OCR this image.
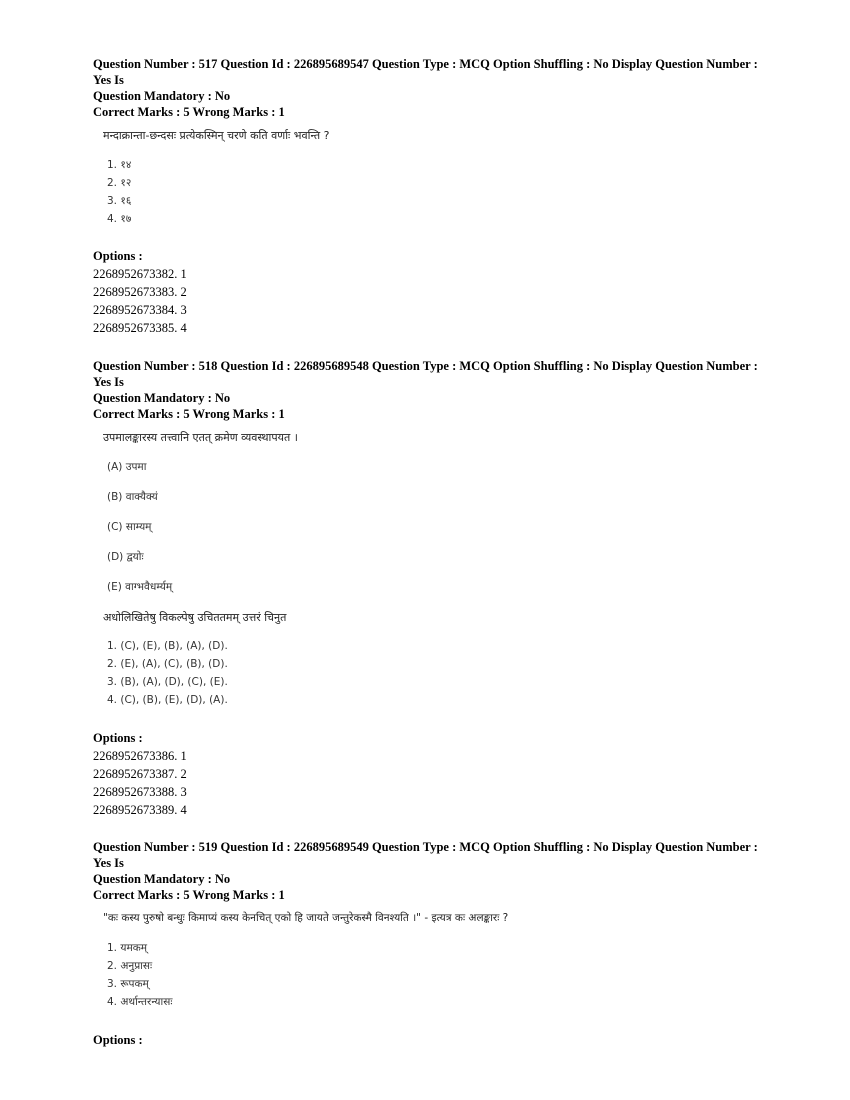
Question Number : 517 Question Id : 226895689547 Question Type : MCQ Option Shuffling : No Display Question Number : Yes Is
Question Mandatory : No
Correct Marks : 5 Wrong Marks : 1
मन्दाक्रान्ता-छन्दसः प्रत्येकस्मिन् चरणे कति वर्णाः भवन्ति ?
1. १४
2. १२
3. १६
4. १७
Options :
2268952673382. 1
2268952673383. 2
2268952673384. 3
2268952673385. 4
Question Number : 518 Question Id : 226895689548 Question Type : MCQ Option Shuffling : No Display Question Number : Yes Is
Question Mandatory : No
Correct Marks : 5 Wrong Marks : 1
उपमालङ्कारस्य तत्त्वानि एतत् क्रमेण व्यवस्थापयत ।
(A) उपमा
(B) वाक्यैक्यं
(C) साम्यम्
(D) द्वयोः
(E) वाग्भवैधर्म्यम्
अधोलिखितेषु विकल्पेषु उचिततमम् उत्तरं चिनुत
1. (C), (E), (B), (A), (D).
2. (E), (A), (C), (B), (D).
3. (B), (A), (D), (C), (E).
4. (C), (B), (E), (D), (A).
Options :
2268952673386. 1
2268952673387. 2
2268952673388. 3
2268952673389. 4
Question Number : 519 Question Id : 226895689549 Question Type : MCQ Option Shuffling : No Display Question Number : Yes Is
Question Mandatory : No
Correct Marks : 5 Wrong Marks : 1
"कः कस्य पुरुषो बन्धुः किमाप्यं कस्य केनचित् एको हि जायते जन्तुरेकस्मै विनश्यति ।" - इत्यत्र कः अलङ्कारः ?
1. यमकम्
2. अनुप्रासः
3. रूपकम्
4. अर्थान्तरन्यासः
Options :
